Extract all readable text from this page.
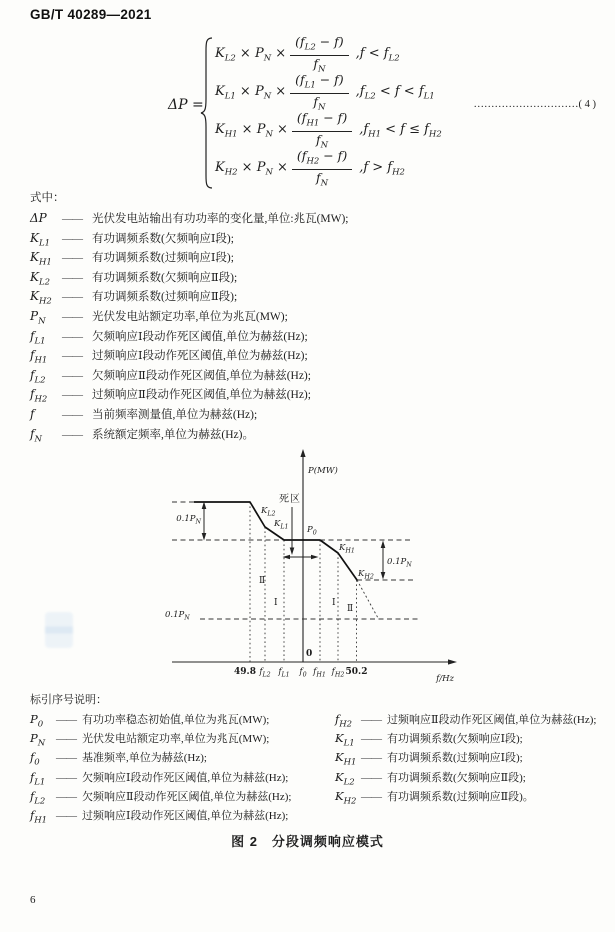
GB/T 40289—2021
ΔP =
$K_{L2} \times P_N \times \frac{(f_{L2} - f)}{f_N} ,f < f_{L2}$
$K_{L1} \times P_N \times \frac{(f_{L1} - f)}{f_N} ,f_{L2} < f < f_{L1}$
$K_{H1} \times P_N \times \frac{(f_{H1} - f)}{f_N} ,f_{H1} < f \le f_{H2}$
$K_{H2} \times P_N \times \frac{(f_{H2} - f)}{f_N} ,f > f_{H2}$
…………………………( 4 )
式中：
ΔP	—— 光伏发电站输出有功功率的变化量,单位:兆瓦(MW);
$K_{L1}$	—— 有功调频系数(欠频响应Ⅰ段);
$K_{H1}$ —— 有功调频系数(过频响应Ⅰ段);
$K_{L2}$	—— 有功调频系数(欠频响应Ⅱ段);
$K_{H2}$ —— 有功调频系数(过频响应Ⅱ段);
$P_N$	—— 光伏发电站额定功率,单位为兆瓦(MW);
$f_{L1}$	—— 欠频响应Ⅰ段动作死区阈值,单位为赫兹(Hz);
$f_{H1}$	—— 过频响应Ⅰ段动作死区阈值,单位为赫兹(Hz);
$f_{L2}$	—— 欠频响应Ⅱ段动作死区阈值,单位为赫兹(Hz);
$f_{H2}$	—— 过频响应Ⅱ段动作死区阈值,单位为赫兹(Hz);
f	—— 当前频率测量值,单位为赫兹(Hz);
$f_N$	—— 系统额定频率,单位为赫兹(Hz)。
P(MW)
f/Hz
0
死区
$P_0$
$K_{L2}$
$K_{L1}$
$K_{H1}$
$K_{H2}$
$0.1P_N$
$0.1P_N$
$0.1P_N$
Ⅱ
Ⅰ	Ⅰ
Ⅱ
49.8 $f_{L2}$ $f_{L1}$ $f_0$ $f_{H1}$ $f_{H2}$ 50.2
标引序号说明：
$P_0$	—— 有功功率稳态初始值,单位为兆瓦(MW);
$P_N$ —— 光伏发电站额定功率,单位为兆瓦(MW);
$f_0$	—— 基准频率,单位为赫兹(Hz);
$f_{L1}$ —— 欠频响应Ⅰ段动作死区阈值,单位为赫兹(Hz);
$f_{L2}$ —— 欠频响应Ⅱ段动作死区阈值,单位为赫兹(Hz);
$f_{H1}$ —— 过频响应Ⅰ段动作死区阈值,单位为赫兹(Hz);
$f_{H2}$ —— 过频响应Ⅱ段动作死区阈值,单位为赫兹(Hz);
$K_{L1}$ —— 有功调频系数(欠频响应Ⅰ段);
$K_{H1}$ —— 有功调频系数(过频响应Ⅰ段);
$K_{L2}$ —— 有功调频系数(欠频响应Ⅱ段);
$K_{H2}$ —— 有功调频系数(过频响应Ⅱ段)。
图 2　分段调频响应模式
6
